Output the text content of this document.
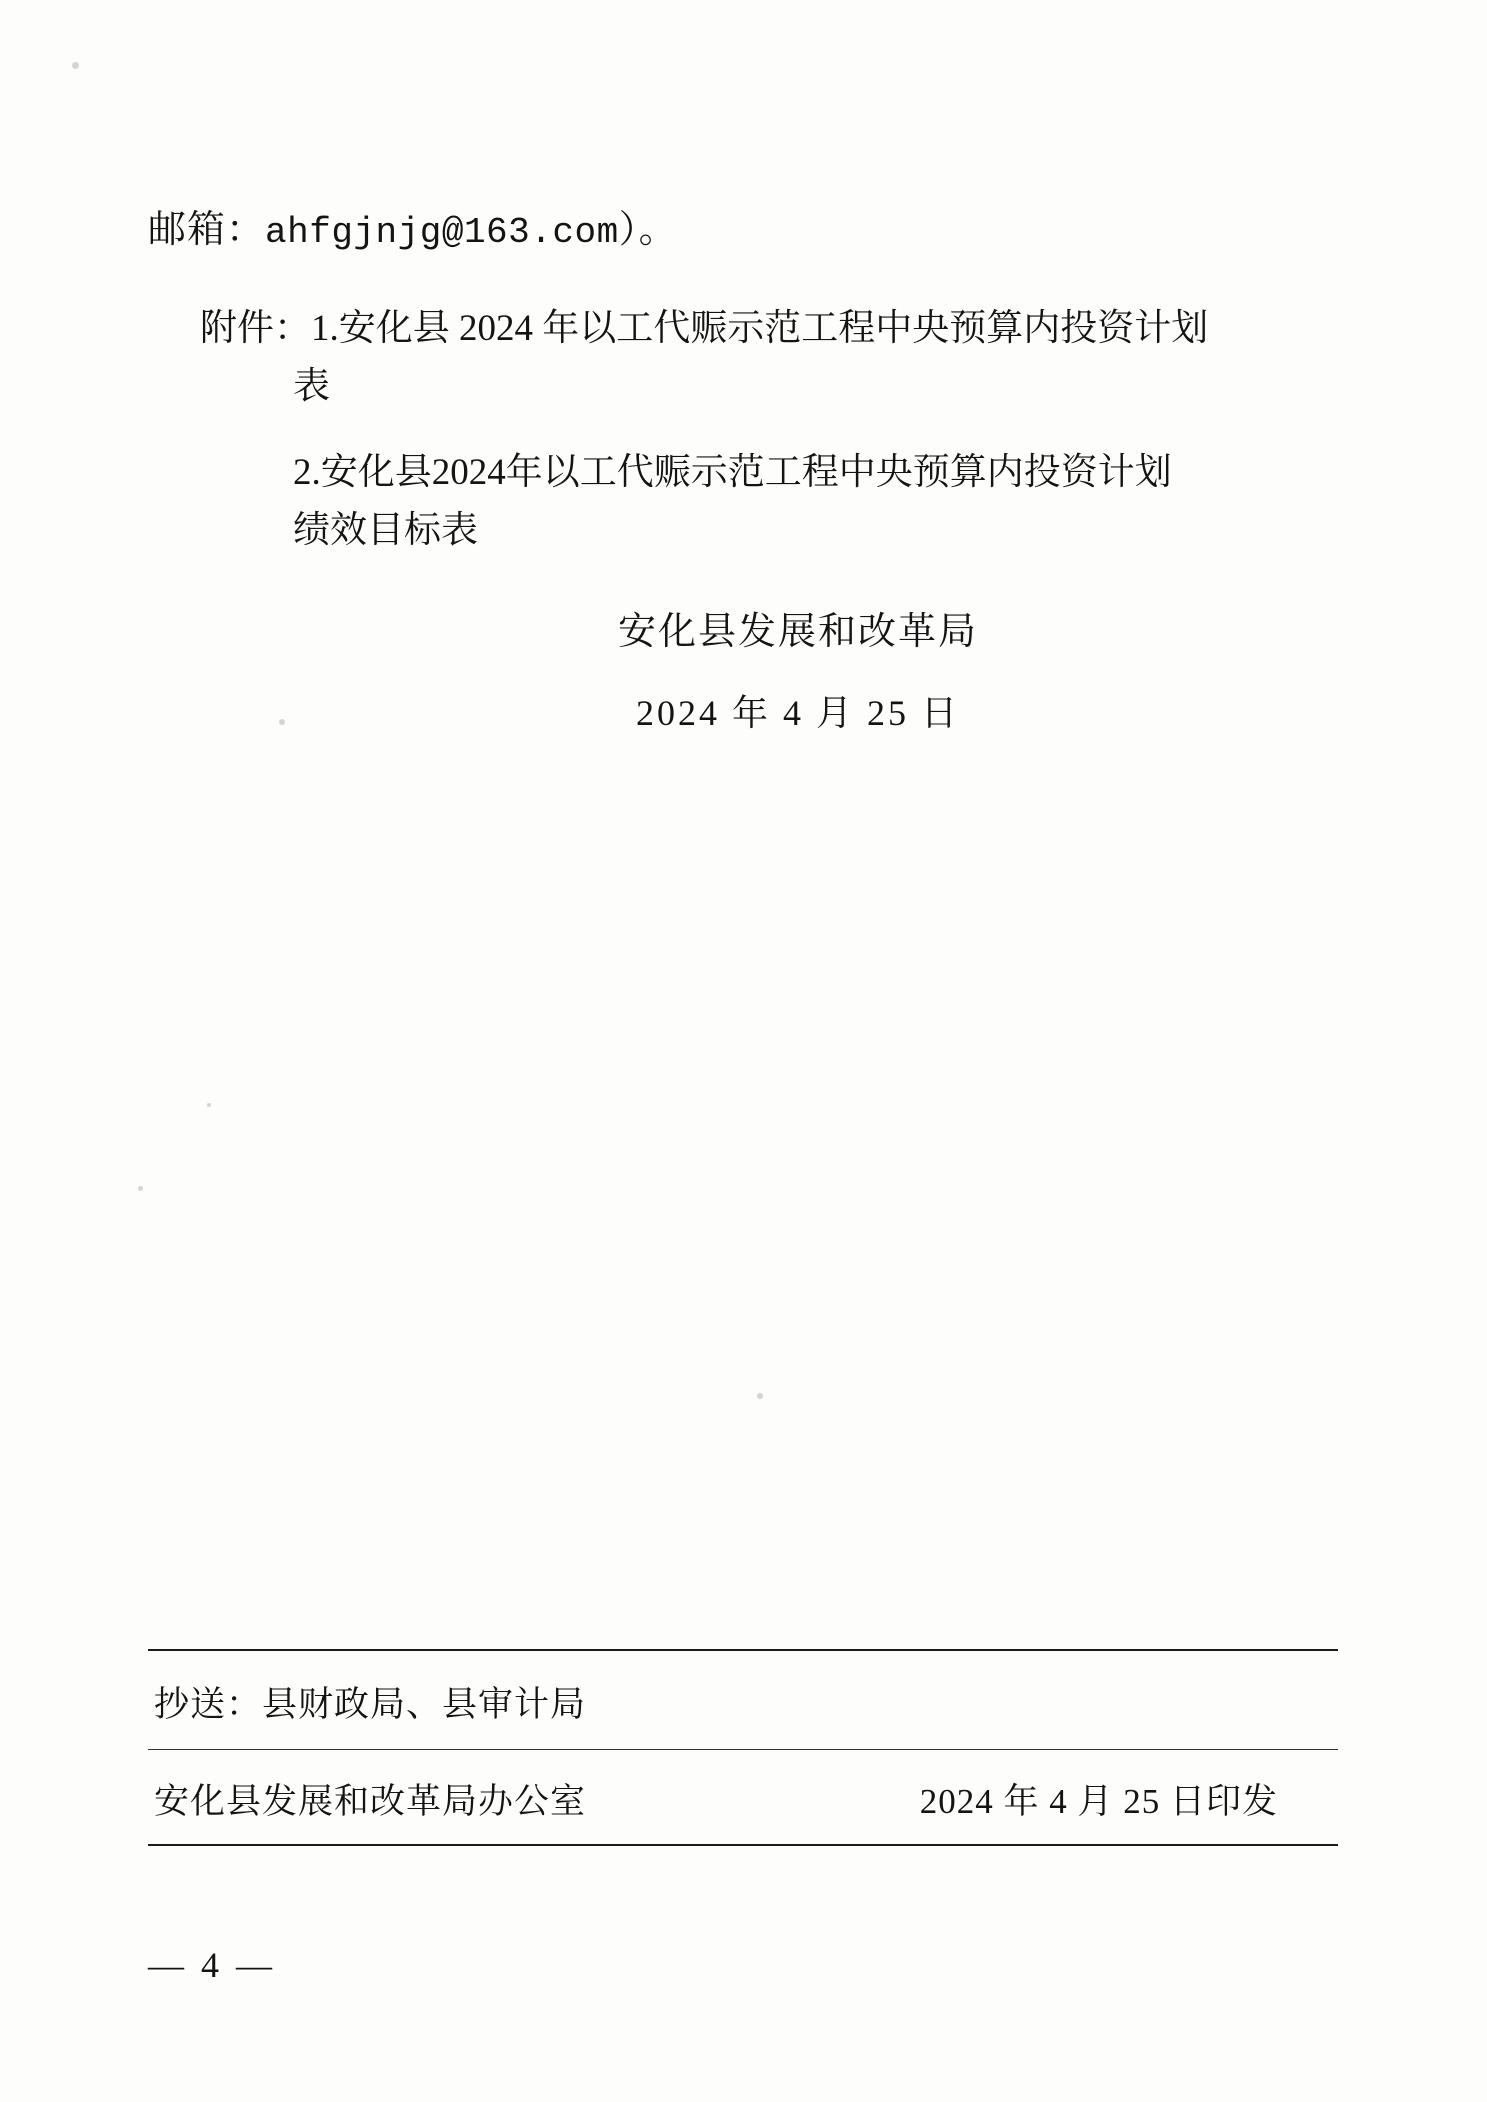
邮箱：ahfgjnjg@163.com）。
附件：1.安化县 2024 年以工代赈示范工程中央预算内投资计划
表
2.安化县2024年以工代赈示范工程中央预算内投资计划
绩效目标表
安化县发展和改革局
2024 年 4 月 25 日
抄送：县财政局、县审计局
安化县发展和改革局办公室	2024 年 4 月 25 日印发
— 4 —
